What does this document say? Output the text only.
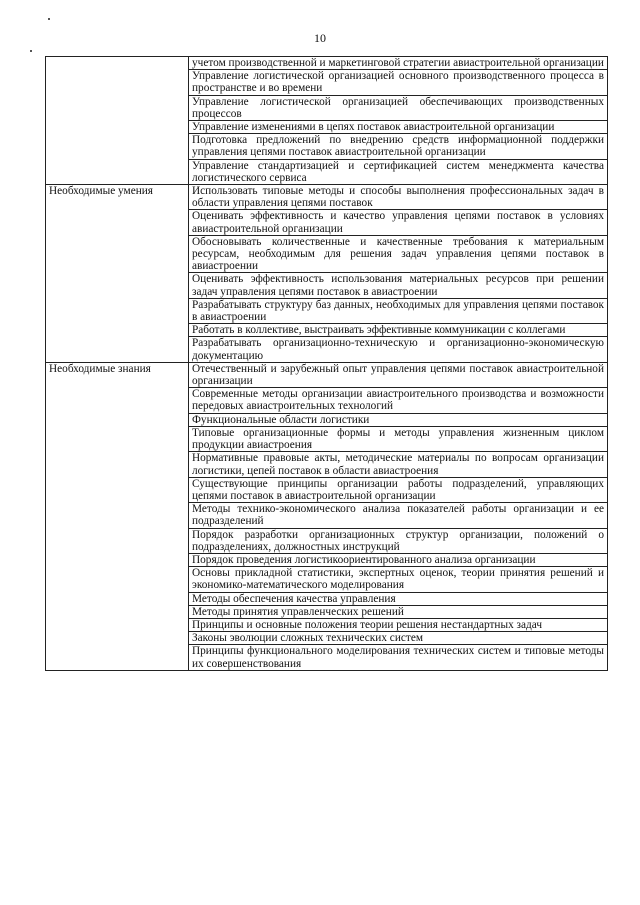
10
	учетом производственной и маркетинговой стратегии авиастроительной организации
	Управление логистической организацией основного производственного процесса в пространстве и во времени
	Управление логистической организацией обеспечивающих производственных процессов
	Управление изменениями в цепях поставок авиастроительной организации
	Подготовка предложений по внедрению средств информационной поддержки управления цепями поставок авиастроительной организации
	Управление стандартизацией и сертификацией систем менеджмента качества логистического сервиса
Необходимые умения	Использовать типовые методы и способы выполнения профессиональных задач в области управления цепями поставок
	Оценивать эффективность и качество управления цепями поставок в условиях авиастроительной организации
	Обосновывать количественные и качественные требования к материальным ресурсам, необходимым для решения задач управления цепями поставок в авиастроении
	Оценивать эффективность использования материальных ресурсов при решении задач управления цепями поставок в авиастроении
	Разрабатывать структуру баз данных, необходимых для управления цепями поставок в авиастроении
	Работать в коллективе, выстраивать эффективные коммуникации с коллегами
	Разрабатывать организационно-техническую и организационно-экономическую документацию
Необходимые знания	Отечественный и зарубежный опыт управления цепями поставок авиастроительной организации
	Современные методы организации авиастроительного производства и возможности передовых авиастроительных технологий
	Функциональные области логистики
	Типовые организационные формы и методы управления жизненным циклом продукции авиастроения
	Нормативные правовые акты, методические материалы по вопросам организации логистики, цепей поставок в области авиастроения
	Существующие принципы организации работы подразделений, управляющих цепями поставок в авиастроительной организации
	Методы технико-экономического анализа показателей работы организации и ее подразделений
	Порядок разработки организационных структур организации, положений о подразделениях, должностных инструкций
	Порядок проведения логистикоориентированного анализа организации
	Основы прикладной статистики, экспертных оценок, теории принятия решений и экономико-математического моделирования
	Методы обеспечения качества управления
	Методы принятия управленческих решений
	Принципы и основные положения теории решения нестандартных задач
	Законы эволюции сложных технических систем
	Принципы функционального моделирования технических систем и типовые методы их совершенствования
